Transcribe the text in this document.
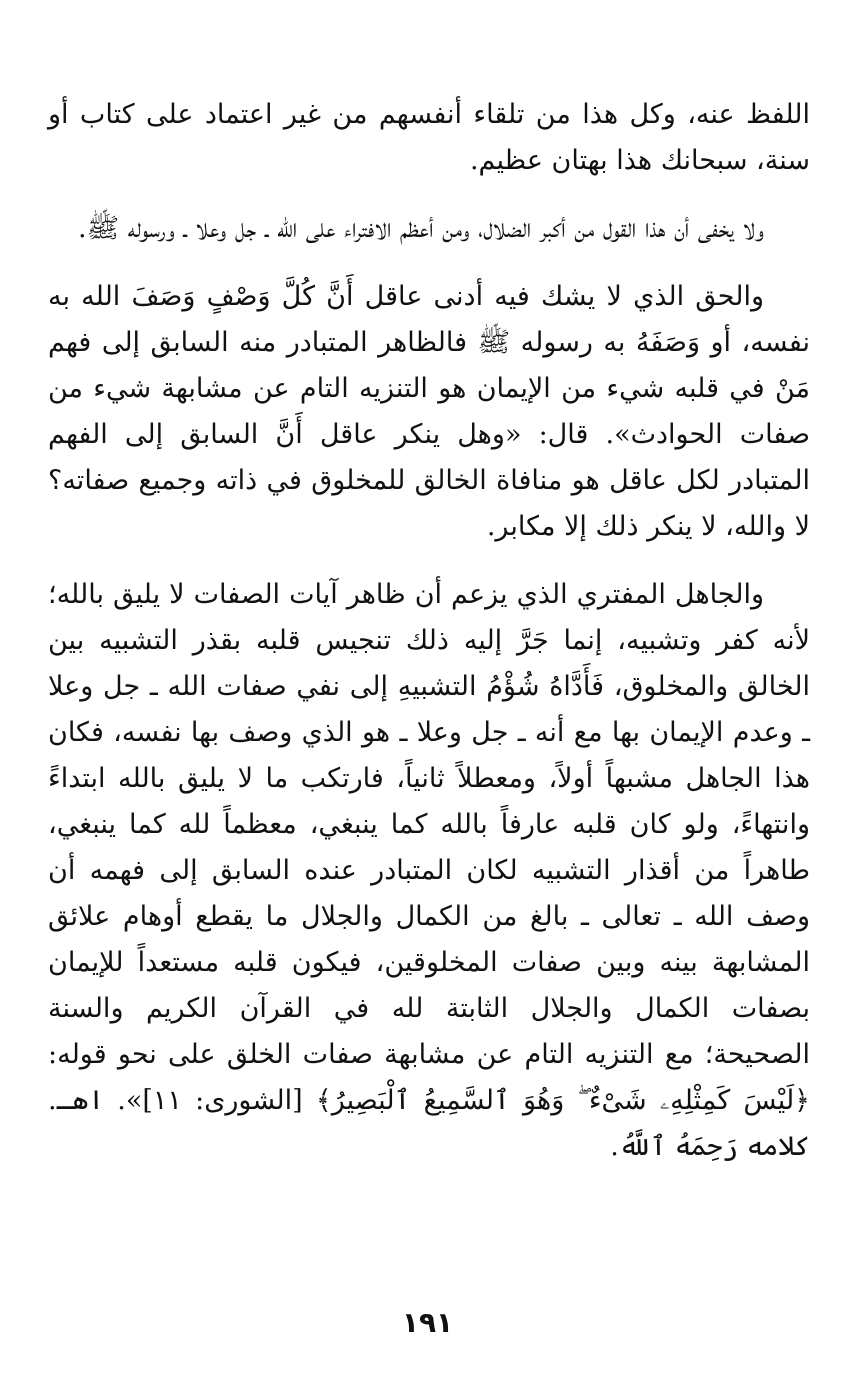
اللفظ عنه، وكل هذا من تلقاء أنفسهم من غير اعتماد على كتاب أو سنة، سبحانك هذا بهتان عظيم.

ولا يخفى أن هذا القول من أكبر الضلال، ومن أعظم الافتراء على الله ـ جل وعلا ـ ورسوله ﷺ.

والحق الذي لا يشك فيه أدنى عاقل أَنَّ كُلَّ وَصْفٍ وَصَفَ الله به نفسه، أو وَصَفَهُ به رسوله ﷺ فالظاهر المتبادر منه السابق إلى فهم مَنْ في قلبه شيء من الإيمان هو التنزيه التام عن مشابهة شيء من صفات الحوادث». قال: «وهل ينكر عاقل أَنَّ السابق إلى الفهم المتبادر لكل عاقل هو منافاة الخالق للمخلوق في ذاته وجميع صفاته؟ لا والله، لا ينكر ذلك إلا مكابر.

والجاهل المفتري الذي يزعم أن ظاهر آيات الصفات لا يليق بالله؛ لأنه كفر وتشبيه، إنما جَرَّ إليه ذلك تنجيس قلبه بقذر التشبيه بين الخالق والمخلوق، فَأَدَّاهُ شُؤْمُ التشبيهِ إلى نفي صفات الله ـ جل وعلا ـ وعدم الإيمان بها مع أنه ـ جل وعلا ـ هو الذي وصف بها نفسه، فكان هذا الجاهل مشبهاً أولاً، ومعطلاً ثانياً، فارتكب ما لا يليق بالله ابتداءً وانتهاءً، ولو كان قلبه عارفاً بالله كما ينبغي، معظماً لله كما ينبغي، طاهراً من أقذار التشبيه لكان المتبادر عنده السابق إلى فهمه أن وصف الله ـ تعالى ـ بالغ من الكمال والجلال ما يقطع أوهام علائق المشابهة بينه وبين صفات المخلوقين، فيكون قلبه مستعداً للإيمان بصفات الكمال والجلال الثابتة لله في القرآن الكريم والسنة الصحيحة؛ مع التنزيه التام عن مشابهة صفات الخلق على نحو قوله: ﴿لَيْسَ كَمِثْلِهِۦ شَىْءٌ ۖ وَهُوَ ٱلسَّمِيعُ ٱلْبَصِيرُ﴾ [الشورى: ١١]». اهـ. كلامه رَحِمَهُ ٱللَّهُ.

١٩١
